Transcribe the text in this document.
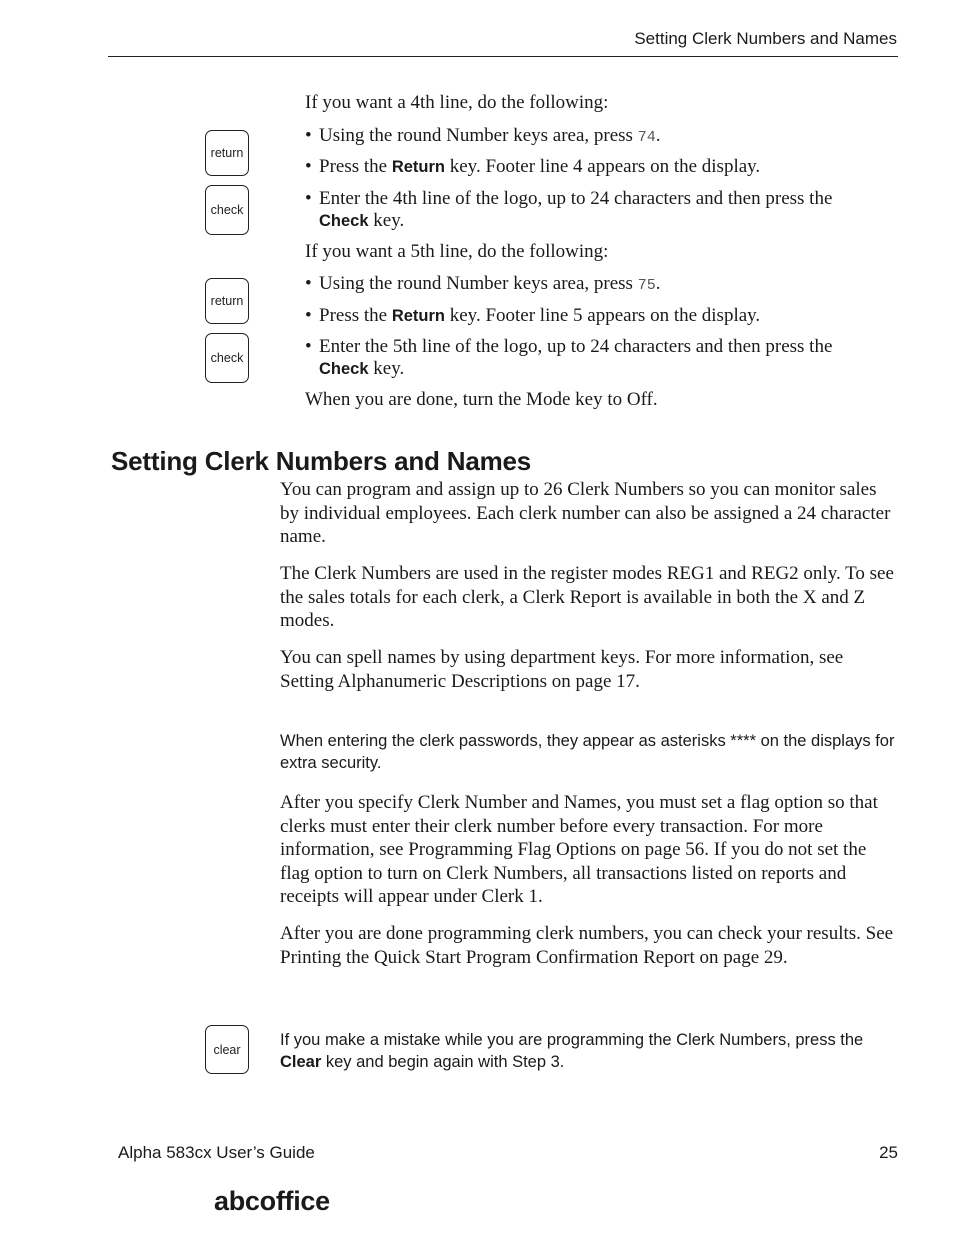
Setting Clerk Numbers and Names
If you want a 4th line, do the following:
• Using the round Number keys area, press 74.
• Press the Return key. Footer line 4 appears on the display.
• Enter the 4th line of the logo, up to 24 characters and then press the Check key.
return
check
If you want a 5th line, do the following:
• Using the round Number keys area, press 75.
• Press the Return key. Footer line 5 appears on the display.
• Enter the 5th line of the logo, up to 24 characters and then press the Check key.
return
check
When you are done, turn the Mode key to Off.
Setting Clerk Numbers and Names
You can program and assign up to 26 Clerk Numbers so you can monitor sales by individual employees. Each clerk number can also be assigned a 24 character name.
The Clerk Numbers are used in the register modes REG1 and REG2 only. To see the sales totals for each clerk, a Clerk Report is available in both the X and Z modes.
You can spell names by using department keys. For more information, see Setting Alphanumeric Descriptions on page 17.
When entering the clerk passwords, they appear as asterisks **** on the displays for extra security.
After you specify Clerk Number and Names, you must set a flag option so that clerks must enter their clerk number before every transaction. For more information, see Programming Flag Options on page 56. If you do not set the flag option to turn on Clerk Numbers, all transactions listed on reports and receipts will appear under Clerk 1.
After you are done programming clerk numbers, you can check your results. See Printing the Quick Start Program Confirmation Report on page 29.
clear
If you make a mistake while you are programming the Clerk Numbers, press the Clear key and begin again with Step 3.
Alpha 583cx User’s Guide	25
abcoffice
